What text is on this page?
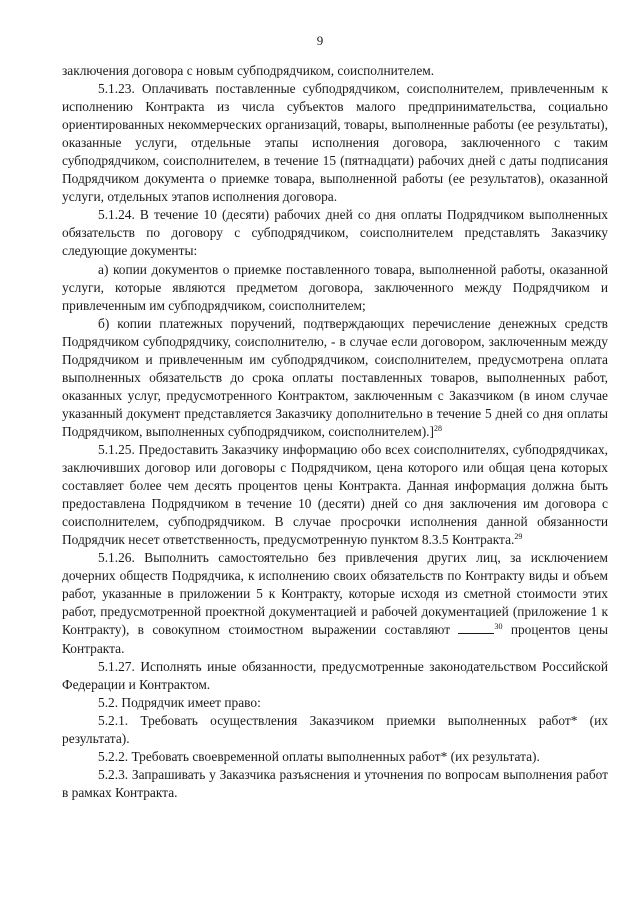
9

заключения договора с новым субподрядчиком, соисполнителем.

5.1.23. Оплачивать поставленные субподрядчиком, соисполнителем, привлеченным к исполнению Контракта из числа субъектов малого предпринимательства, социально ориентированных некоммерческих организаций, товары, выполненные работы (ее результаты), оказанные услуги, отдельные этапы исполнения договора, заключенного с таким субподрядчиком, соисполнителем, в течение 15 (пятнадцати) рабочих дней с даты подписания Подрядчиком документа о приемке товара, выполненной работы (ее результатов), оказанной услуги, отдельных этапов исполнения договора.

5.1.24. В течение 10 (десяти) рабочих дней со дня оплаты Подрядчиком выполненных обязательств по договору с субподрядчиком, соисполнителем представлять Заказчику следующие документы:

а) копии документов о приемке поставленного товара, выполненной работы, оказанной услуги, которые являются предметом договора, заключенного между Подрядчиком и привлеченным им субподрядчиком, соисполнителем;

б) копии платежных поручений, подтверждающих перечисление денежных средств Подрядчиком субподрядчику, соисполнителю, - в случае если договором, заключенным между Подрядчиком и привлеченным им субподрядчиком, соисполнителем, предусмотрена оплата выполненных обязательств до срока оплаты поставленных товаров, выполненных работ, оказанных услуг, предусмотренного Контрактом, заключенным с Заказчиком (в ином случае указанный документ представляется Заказчику дополнительно в течение 5 дней со дня оплаты Подрядчиком, выполненных субподрядчиком, соисполнителем).]$^{28}$

5.1.25. Предоставить Заказчику информацию обо всех соисполнителях, субподрядчиках, заключивших договор или договоры с Подрядчиком, цена которого или общая цена которых составляет более чем десять процентов цены Контракта. Данная информация должна быть предоставлена Подрядчиком в течение 10 (десяти) дней со дня заключения им договора с соисполнителем, субподрядчиком. В случае просрочки исполнения данной обязанности Подрядчик несет ответственность, предусмотренную пунктом 8.3.5 Контракта.$^{29}$

5.1.26. Выполнить самостоятельно без привлечения других лиц, за исключением дочерних обществ Подрядчика, к исполнению своих обязательств по Контракту виды и объем работ, указанные в приложении 5 к Контракту, которые исходя из сметной стоимости этих работ, предусмотренной проектной документацией и рабочей документацией (приложение 1 к Контракту), в совокупном стоимостном выражении составляют	$^{30}$ процентов цены Контракта.

5.1.27. Исполнять иные обязанности, предусмотренные законодательством Российской Федерации и Контрактом.

5.2. Подрядчик имеет право:

5.2.1. Требовать осуществления Заказчиком приемки выполненных работ* (их результата).

5.2.2. Требовать своевременной оплаты выполненных работ* (их результата).

5.2.3. Запрашивать у Заказчика разъяснения и уточнения по вопросам выполнения работ в рамках Контракта.
